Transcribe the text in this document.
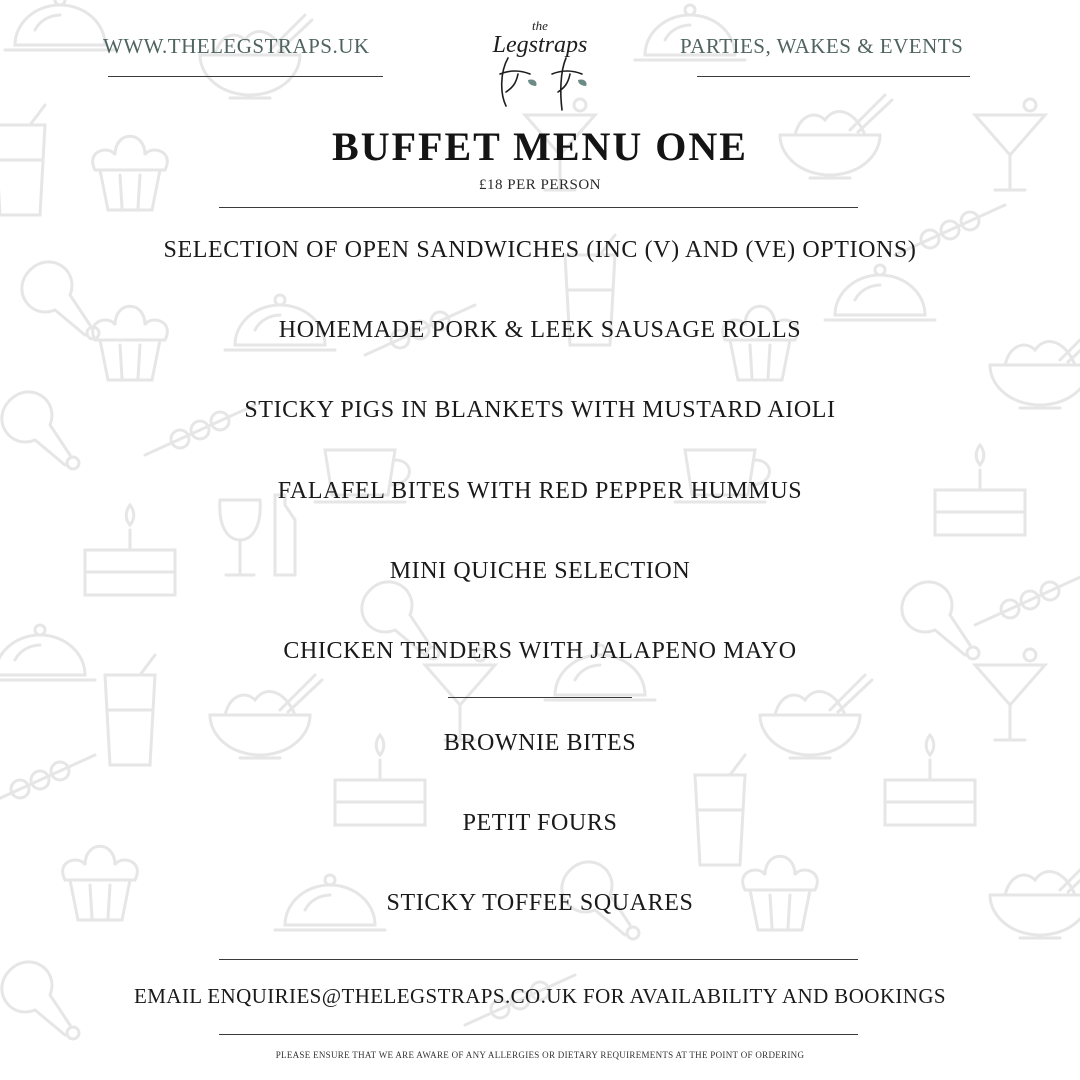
WWW.THELEGSTRAPS.UK	PARTIES, WAKES & EVENTS
the
Legstraps
BUFFET MENU ONE
£18 PER PERSON
SELECTION OF OPEN SANDWICHES (INC (V) AND (VE) OPTIONS)
HOMEMADE PORK & LEEK SAUSAGE ROLLS
STICKY PIGS IN BLANKETS WITH MUSTARD AIOLI
FALAFEL BITES WITH RED PEPPER HUMMUS
MINI QUICHE SELECTION
CHICKEN TENDERS WITH JALAPENO MAYO
BROWNIE BITES
PETIT FOURS
STICKY TOFFEE SQUARES
EMAIL ENQUIRIES@THELEGSTRAPS.CO.UK FOR AVAILABILITY AND BOOKINGS
PLEASE ENSURE THAT WE ARE AWARE OF ANY ALLERGIES OR DIETARY REQUIREMENTS AT THE POINT OF ORDERING
